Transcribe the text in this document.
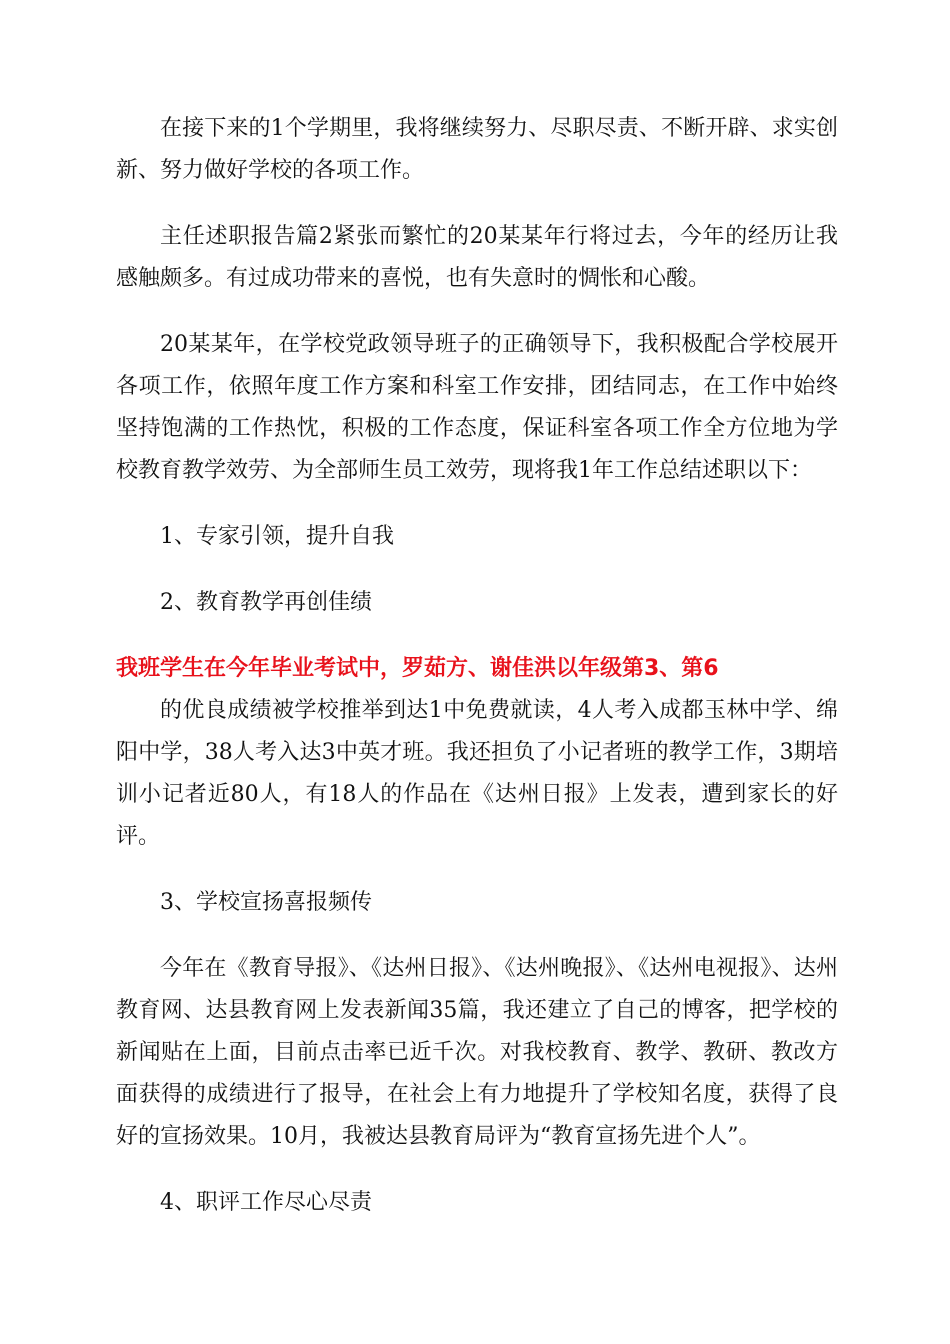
在接下来的1个学期里，我将继续努力、尽职尽责、不断开辟、求实创新、努力做好学校的各项工作。

主任述职报告篇2紧张而繁忙的20某某年行将过去，今年的经历让我感触颇多。有过成功带来的喜悦，也有失意时的惆怅和心酸。

20某某年，在学校党政领导班子的正确领导下，我积极配合学校展开各项工作，依照年度工作方案和科室工作安排，团结同志，在工作中始终坚持饱满的工作热忱，积极的工作态度，保证科室各项工作全方位地为学校教育教学效劳、为全部师生员工效劳，现将我1年工作总结述职以下：

1、专家引领，提升自我

2、教育教学再创佳绩

我班学生在今年毕业考试中，罗茹方、谢佳洪以年级第3、第6

的优良成绩被学校推举到达1中免费就读，4人考入成都玉林中学、绵阳中学，38人考入达3中英才班。我还担负了小记者班的教学工作，3期培训小记者近80人，有18人的作品在《达州日报》上发表，遭到家长的好评。

3、学校宣扬喜报频传

今年在《教育导报》、《达州日报》、《达州晚报》、《达州电视报》、达州教育网、达县教育网上发表新闻35篇，我还建立了自己的博客，把学校的新闻贴在上面，目前点击率已近千次。对我校教育、教学、教研、教改方面获得的成绩进行了报导，在社会上有力地提升了学校知名度，获得了良好的宣扬效果。10月，我被达县教育局评为“教育宣扬先进个人”。

4、职评工作尽心尽责
